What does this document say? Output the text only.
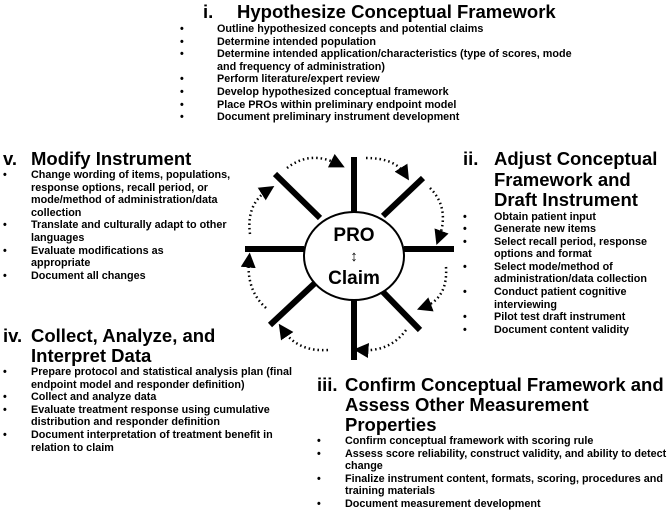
i.	Hypothesize Conceptual Framework
•	Outline hypothesized concepts and potential claims
•	Determine intended population
•	Determine intended application/characteristics (type of scores, mode and frequency of administration)
•	Perform literature/expert review
•	Develop hypothesized conceptual framework
•	Place PROs within preliminary endpoint model
•	Document preliminary instrument development
v. Modify Instrument
• Change wording of items, populations, response options, recall period, or mode/method of administration/data collection
• Translate and culturally adapt to other languages
• Evaluate modifications as appropriate
• Document all changes
ii. Adjust Conceptual Framework and Draft Instrument
•	Obtain patient input
•	Generate new items
•	Select recall period, response options and format
•	Select mode/method of administration/data collection
•	Conduct patient cognitive interviewing
•	Pilot test draft instrument
•	Document content validity
iv. Collect, Analyze, and Interpret Data
• Prepare protocol and statistical analysis plan (final endpoint model and responder definition)
• Collect and analyze data
• Evaluate treatment response using cumulative distribution and responder definition
• Document interpretation of treatment benefit in relation to claim
iii. Confirm Conceptual Framework and Assess Other Measurement Properties
• Confirm conceptual framework with scoring rule
• Assess score reliability, construct validity, and ability to detect change
• Finalize instrument content, formats, scoring, procedures and training materials
• Document measurement development
PRO
↕
Claim
